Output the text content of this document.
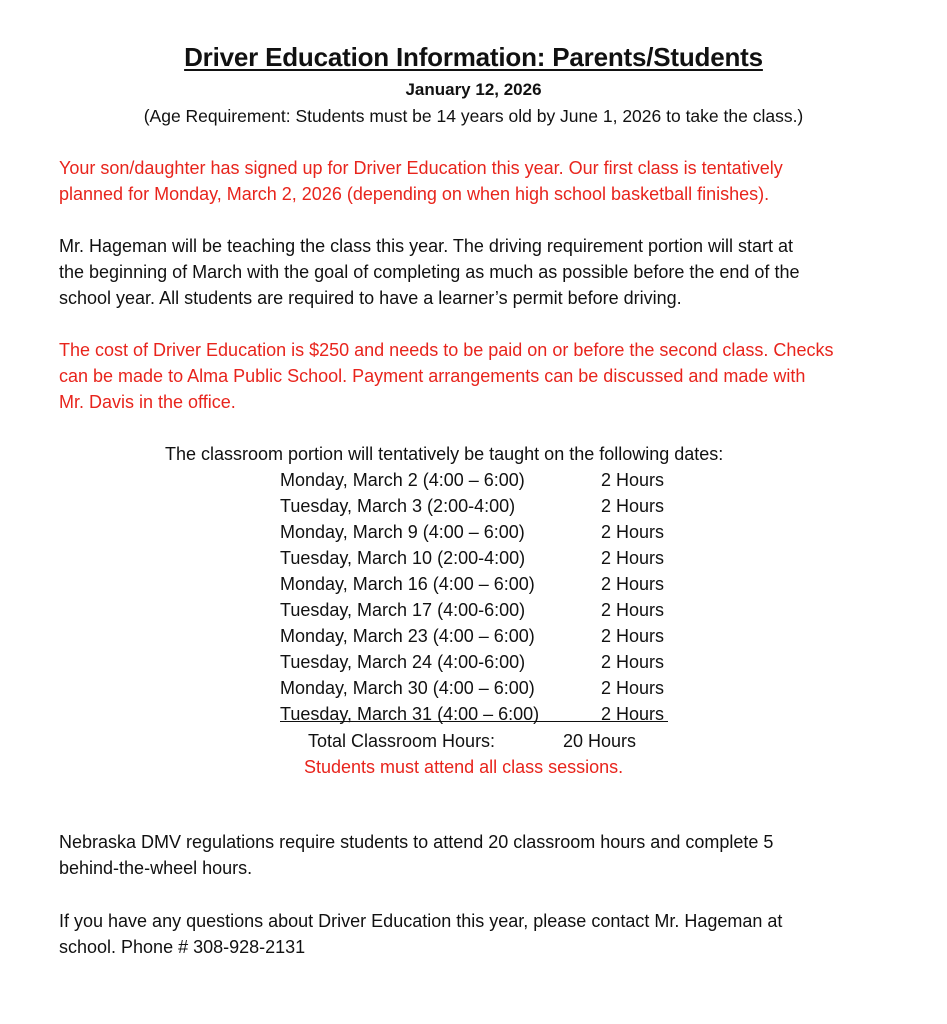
Driver Education Information: Parents/Students
January 12, 2026
(Age Requirement: Students must be 14 years old by June 1, 2026 to take the class.)
Your son/daughter has signed up for Driver Education this year. Our first class is tentatively
planned for Monday, March 2, 2026 (depending on when high school basketball finishes).
Mr. Hageman will be teaching the class this year. The driving requirement portion will start at
the beginning of March with the goal of completing as much as possible before the end of the
school year. All students are required to have a learner’s permit before driving.
The cost of Driver Education is $250 and needs to be paid on or before the second class. Checks
can be made to Alma Public School. Payment arrangements can be discussed and made with
Mr. Davis in the office.
The classroom portion will tentatively be taught on the following dates:
Monday, March 2 (4:00 – 6:00)	2 Hours
Tuesday, March 3 (2:00-4:00)	2 Hours
Monday, March 9 (4:00 – 6:00)	2 Hours
Tuesday, March 10 (2:00-4:00)	2 Hours
Monday, March 16 (4:00 – 6:00)	2 Hours
Tuesday, March 17 (4:00-6:00)	2 Hours
Monday, March 23 (4:00 – 6:00)	2 Hours
Tuesday, March 24 (4:00-6:00)	2 Hours
Monday, March 30 (4:00 – 6:00)	2 Hours
Tuesday, March 31 (4:00 – 6:00)	2 Hours
Total Classroom Hours:	20 Hours
Students must attend all class sessions.
Nebraska DMV regulations require students to attend 20 classroom hours and complete 5
behind-the-wheel hours.
If you have any questions about Driver Education this year, please contact Mr. Hageman at
school. Phone # 308-928-2131
